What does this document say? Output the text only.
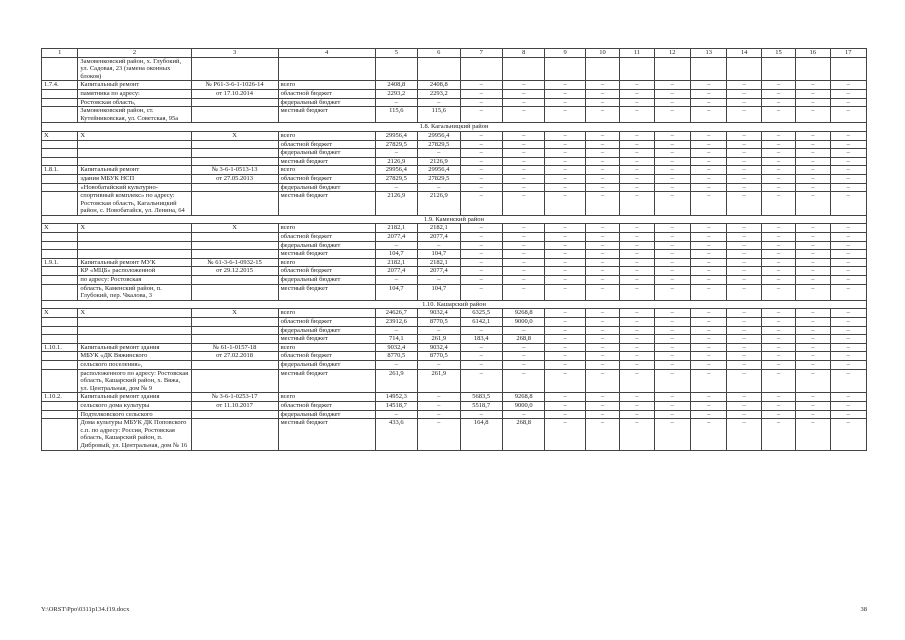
1	2	3	4	5	6	7	8	9	10	11	12	13	14	15	16	17
	Замовенковский район, х. Глубокий, ул. Садовая, 23 (замена оконных блоков)															
1.7.4.	Капитальный ремонт	№ Р61-3-6-1-1026-14	всего	2408,8	2408,8	–	–	–	–	–	–	–	–	–	–	–
	памятника по адресу:	от 17.10.2014	областной бюджет	2293,2	2293,2	–	–	–	–	–	–	–	–	–	–	–
	Ростовская область,		федеральный бюджет	–	–	–	–	–	–	–	–	–	–	–	–	–
	Замовенковский район, ст. Кутейниковская, ул. Советская, 95а		местный бюджет	115,6	115,6	–	–	–	–	–	–	–	–	–	–	–
1.8. Кагальницкий район																
Х	Х	Х	всего	29956,4	29956,4	–	–	–	–	–	–	–	–	–	–	–
			областной бюджет	27829,5	27829,5	–	–	–	–	–	–	–	–	–	–	–
			федеральный бюджет	–	–	–	–	–	–	–	–	–	–	–	–	–
			местный бюджет	2126,9	2126,9	–	–	–	–	–	–	–	–	–	–	–
1.8.1.	Капитальный ремонт	№ 3-6-1-0513-13	всего	29956,4	29956,4	–	–	–	–	–	–	–	–	–	–	–
	здания МБУК НСП	от 27.05.2013	областной бюджет	27829,5	27829,5	–	–	–	–	–	–	–	–	–	–	–
	«Новобатайский культурно-		федеральный бюджет	–	–	–	–	–	–	–	–	–	–	–	–	–
	спортивный комплекс» по адресу: Ростовская область, Кагальницкий район, с. Новобатайск, ул. Ленина, 64		местный бюджет	2126,9	2126,9	–	–	–	–	–	–	–	–	–	–	–
1.9. Каменский район																
Х	Х	Х	всего	2182,1	2182,1	–	–	–	–	–	–	–	–	–	–	–
			областной бюджет	2077,4	2077,4	–	–	–	–	–	–	–	–	–	–	–
			федеральный бюджет	–	–	–	–	–	–	–	–	–	–	–	–	–
			местный бюджет	104,7	104,7	–	–	–	–	–	–	–	–	–	–	–
1.9.1.	Капитальный ремонт МУК	№ 61-3-6-1-0932-15	всего	2182,1	2182,1	–	–	–	–	–	–	–	–	–	–	–
	КР «МЦБ» расположенной	от 29.12.2015	областной бюджет	2077,4	2077,4	–	–	–	–	–	–	–	–	–	–	–
	по адресу: Ростовская		федеральный бюджет	–	–	–	–	–	–	–	–	–	–	–	–	–
	область, Каменский район, п. Глубокий, пер. Чкалова, 3		местный бюджет	104,7	104,7	–	–	–	–	–	–	–	–	–	–	–
1.10. Кашарский район																
Х	Х	Х	всего	24626,7	9032,4	6325,5	9268,8	–	–	–	–	–	–	–	–	–
			областной бюджет	23912,6	8770,5	6142,1	9000,0	–	–	–	–	–	–	–	–	–
			федеральный бюджет	–	–	–	–	–	–	–	–	–	–	–	–	–
			местный бюджет	714,1	261,9	183,4	268,8	–	–	–	–	–	–	–	–	–
1.10.1.	Капитальный ремонт здания	№ 61-1-0157-18	всего	9032,4	9032,4	–	–	–	–	–	–	–	–	–	–	–
	МБУК «ДК Вяжинского	от 27.02.2018	областной бюджет	8770,5	8770,5	–	–	–	–	–	–	–	–	–	–	–
	сельского поселения»,		федеральный бюджет	–	–	–	–	–	–	–	–	–	–	–	–	–
	расположенного по адресу: Ростовская область, Кашарский район, х. Вяжа, ул. Центральная, дом № 9		местный бюджет	261,9	261,9	–	–	–	–	–	–	–	–	–	–	–
1.10.2.	Капитальный ремонт здания	№ 3-6-1-0253-17	всего	14952,3	–	5683,5	9268,8	–	–	–	–	–	–	–	–	–
	сельского дома культуры	от 11.10.2017	областной бюджет	14518,7	–	5518,7	9000,0	–	–	–	–	–	–	–	–	–
	Подтелковского сельского		федеральный бюджет	–	–	–	–	–	–	–	–	–	–	–	–	–
	Дома культуры МБУК ДК Поповского с.п. по адресу: Россия, Ростовская область, Кашарский район, п. Дибровый, ул. Центральная, дом № 16		местный бюджет	433,6	–	164,8	268,8	–	–	–	–	–	–	–	–	–
Y:\ORST\Ppo\0311p134.f19.docx	38
